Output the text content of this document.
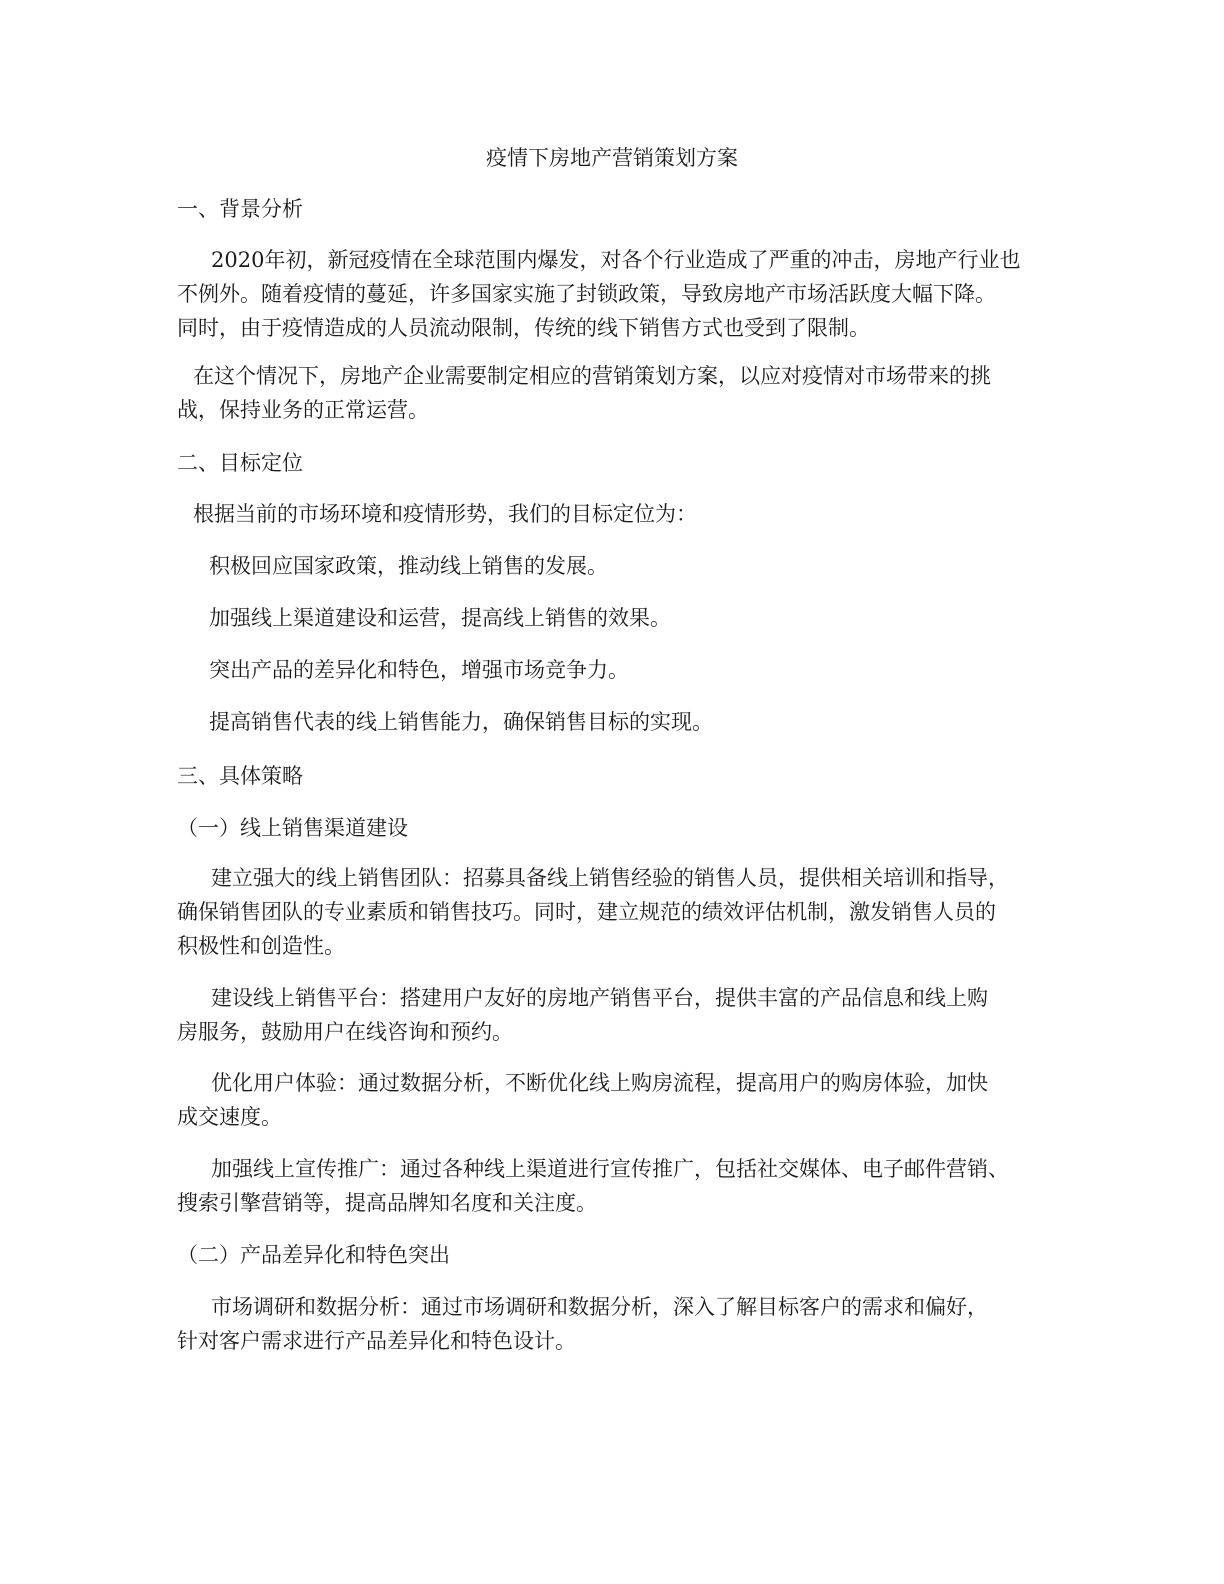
疫情下房地产营销策划方案

一、背景分析

2020年初，新冠疫情在全球范围内爆发，对各个行业造成了严重的冲击，房地产行业也
不例外。随着疫情的蔓延，许多国家实施了封锁政策，导致房地产市场活跃度大幅下降。
同时，由于疫情造成的人员流动限制，传统的线下销售方式也受到了限制。
在这个情况下，房地产企业需要制定相应的营销策划方案，以应对疫情对市场带来的挑
战，保持业务的正常运营。

二、目标定位

根据当前的市场环境和疫情形势，我们的目标定位为：

积极回应国家政策，推动线上销售的发展。

加强线上渠道建设和运营，提高线上销售的效果。

突出产品的差异化和特色，增强市场竞争力。

提高销售代表的线上销售能力，确保销售目标的实现。

三、具体策略

（一）线上销售渠道建设

建立强大的线上销售团队：招募具备线上销售经验的销售人员，提供相关培训和指导，
确保销售团队的专业素质和销售技巧。同时，建立规范的绩效评估机制，激发销售人员的
积极性和创造性。
建设线上销售平台：搭建用户友好的房地产销售平台，提供丰富的产品信息和线上购
房服务，鼓励用户在线咨询和预约。
优化用户体验：通过数据分析，不断优化线上购房流程，提高用户的购房体验，加快
成交速度。
加强线上宣传推广：通过各种线上渠道进行宣传推广，包括社交媒体、电子邮件营销、
搜索引擎营销等，提高品牌知名度和关注度。

（二）产品差异化和特色突出

市场调研和数据分析：通过市场调研和数据分析，深入了解目标客户的需求和偏好，
针对客户需求进行产品差异化和特色设计。
